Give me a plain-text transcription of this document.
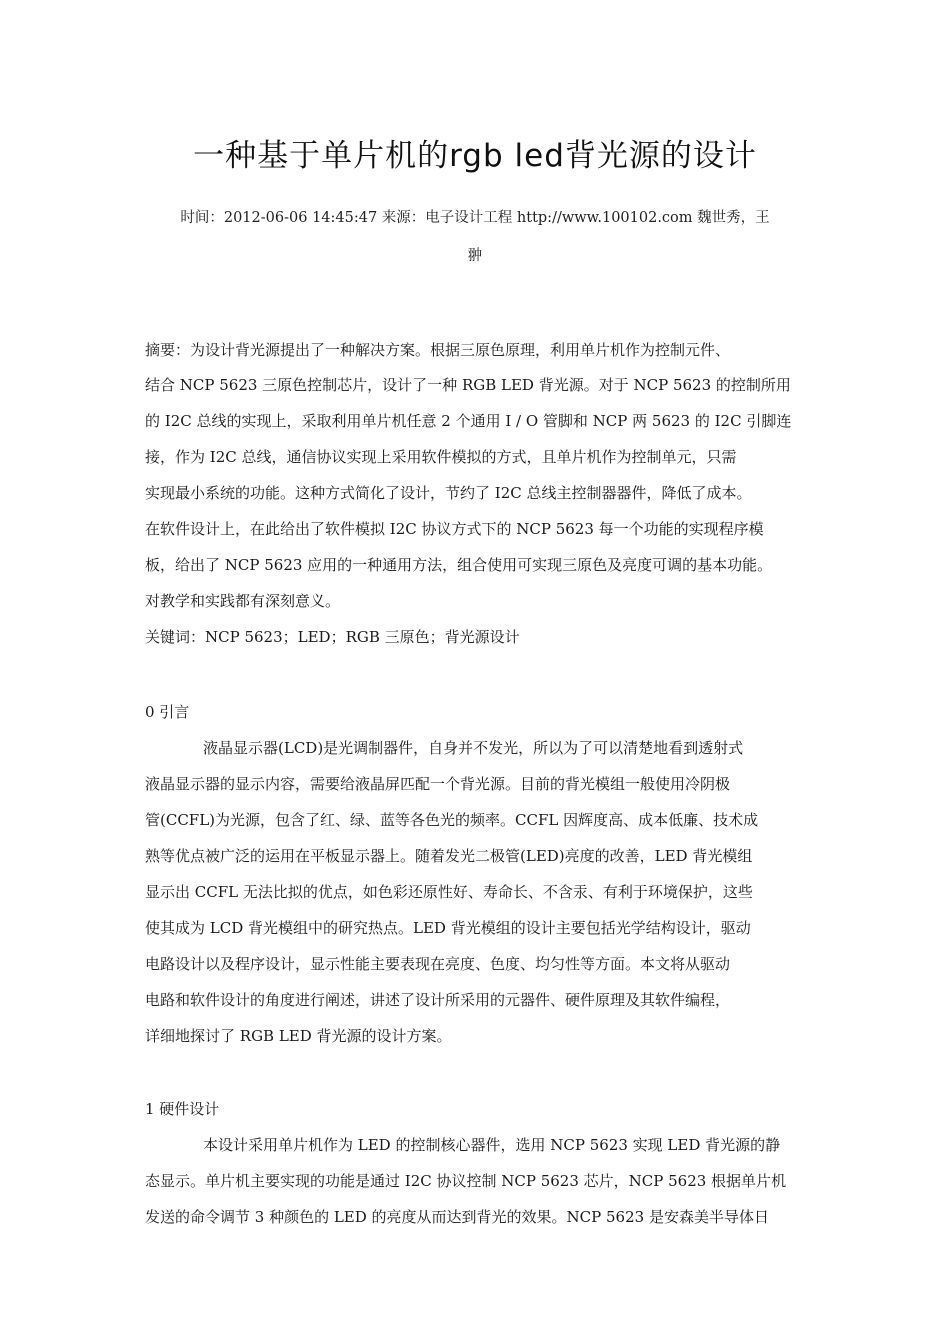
一种基于单片机的rgb led背光源的设计
时间：2012-06-06 14:45:47 来源：电子设计工程 http://www.100102.com 魏世秀，王
翀
摘要：为设计背光源提出了一种解决方案。根据三原色原理，利用单片机作为控制元件、
结合 NCP 5623 三原色控制芯片，设计了一种 RGB LED 背光源。对于 NCP 5623 的控制所用
的 I2C 总线的实现上，采取利用单片机任意 2 个通用 I / O 管脚和 NCP 两 5623 的 I2C 引脚连
接，作为 I2C 总线，通信协议实现上采用软件模拟的方式，且单片机作为控制单元，只需
实现最小系统的功能。这种方式简化了设计，节约了 I2C 总线主控制器器件，降低了成本。
在软件设计上，在此给出了软件模拟 I2C 协议方式下的 NCP 5623 每一个功能的实现程序模
板，给出了 NCP 5623 应用的一种通用方法，组合使用可实现三原色及亮度可调的基本功能。
对教学和实践都有深刻意义。
关键词：NCP 5623；LED；RGB 三原色；背光源设计
0 引言
液晶显示器(LCD)是光调制器件，自身并不发光，所以为了可以清楚地看到透射式
液晶显示器的显示内容，需要给液晶屏匹配一个背光源。目前的背光模组一般使用冷阴极
管(CCFL)为光源，包含了红、绿、蓝等各色光的频率。CCFL 因辉度高、成本低廉、技术成
熟等优点被广泛的运用在平板显示器上。随着发光二极管(LED)亮度的改善，LED 背光模组
显示出 CCFL 无法比拟的优点，如色彩还原性好、寿命长、不含汞、有利于环境保护，这些
使其成为 LCD 背光模组中的研究热点。LED 背光模组的设计主要包括光学结构设计，驱动
电路设计以及程序设计，显示性能主要表现在亮度、色度、均匀性等方面。本文将从驱动
电路和软件设计的角度进行阐述，讲述了设计所采用的元器件、硬件原理及其软件编程，
详细地探讨了 RGB LED 背光源的设计方案。
1 硬件设计
本设计采用单片机作为 LED 的控制核心器件，选用 NCP 5623 实现 LED 背光源的静
态显示。单片机主要实现的功能是通过 I2C 协议控制 NCP 5623 芯片，NCP 5623 根据单片机
发送的命令调节 3 种颜色的 LED 的亮度从而达到背光的效果。NCP 5623 是安森美半导体日
